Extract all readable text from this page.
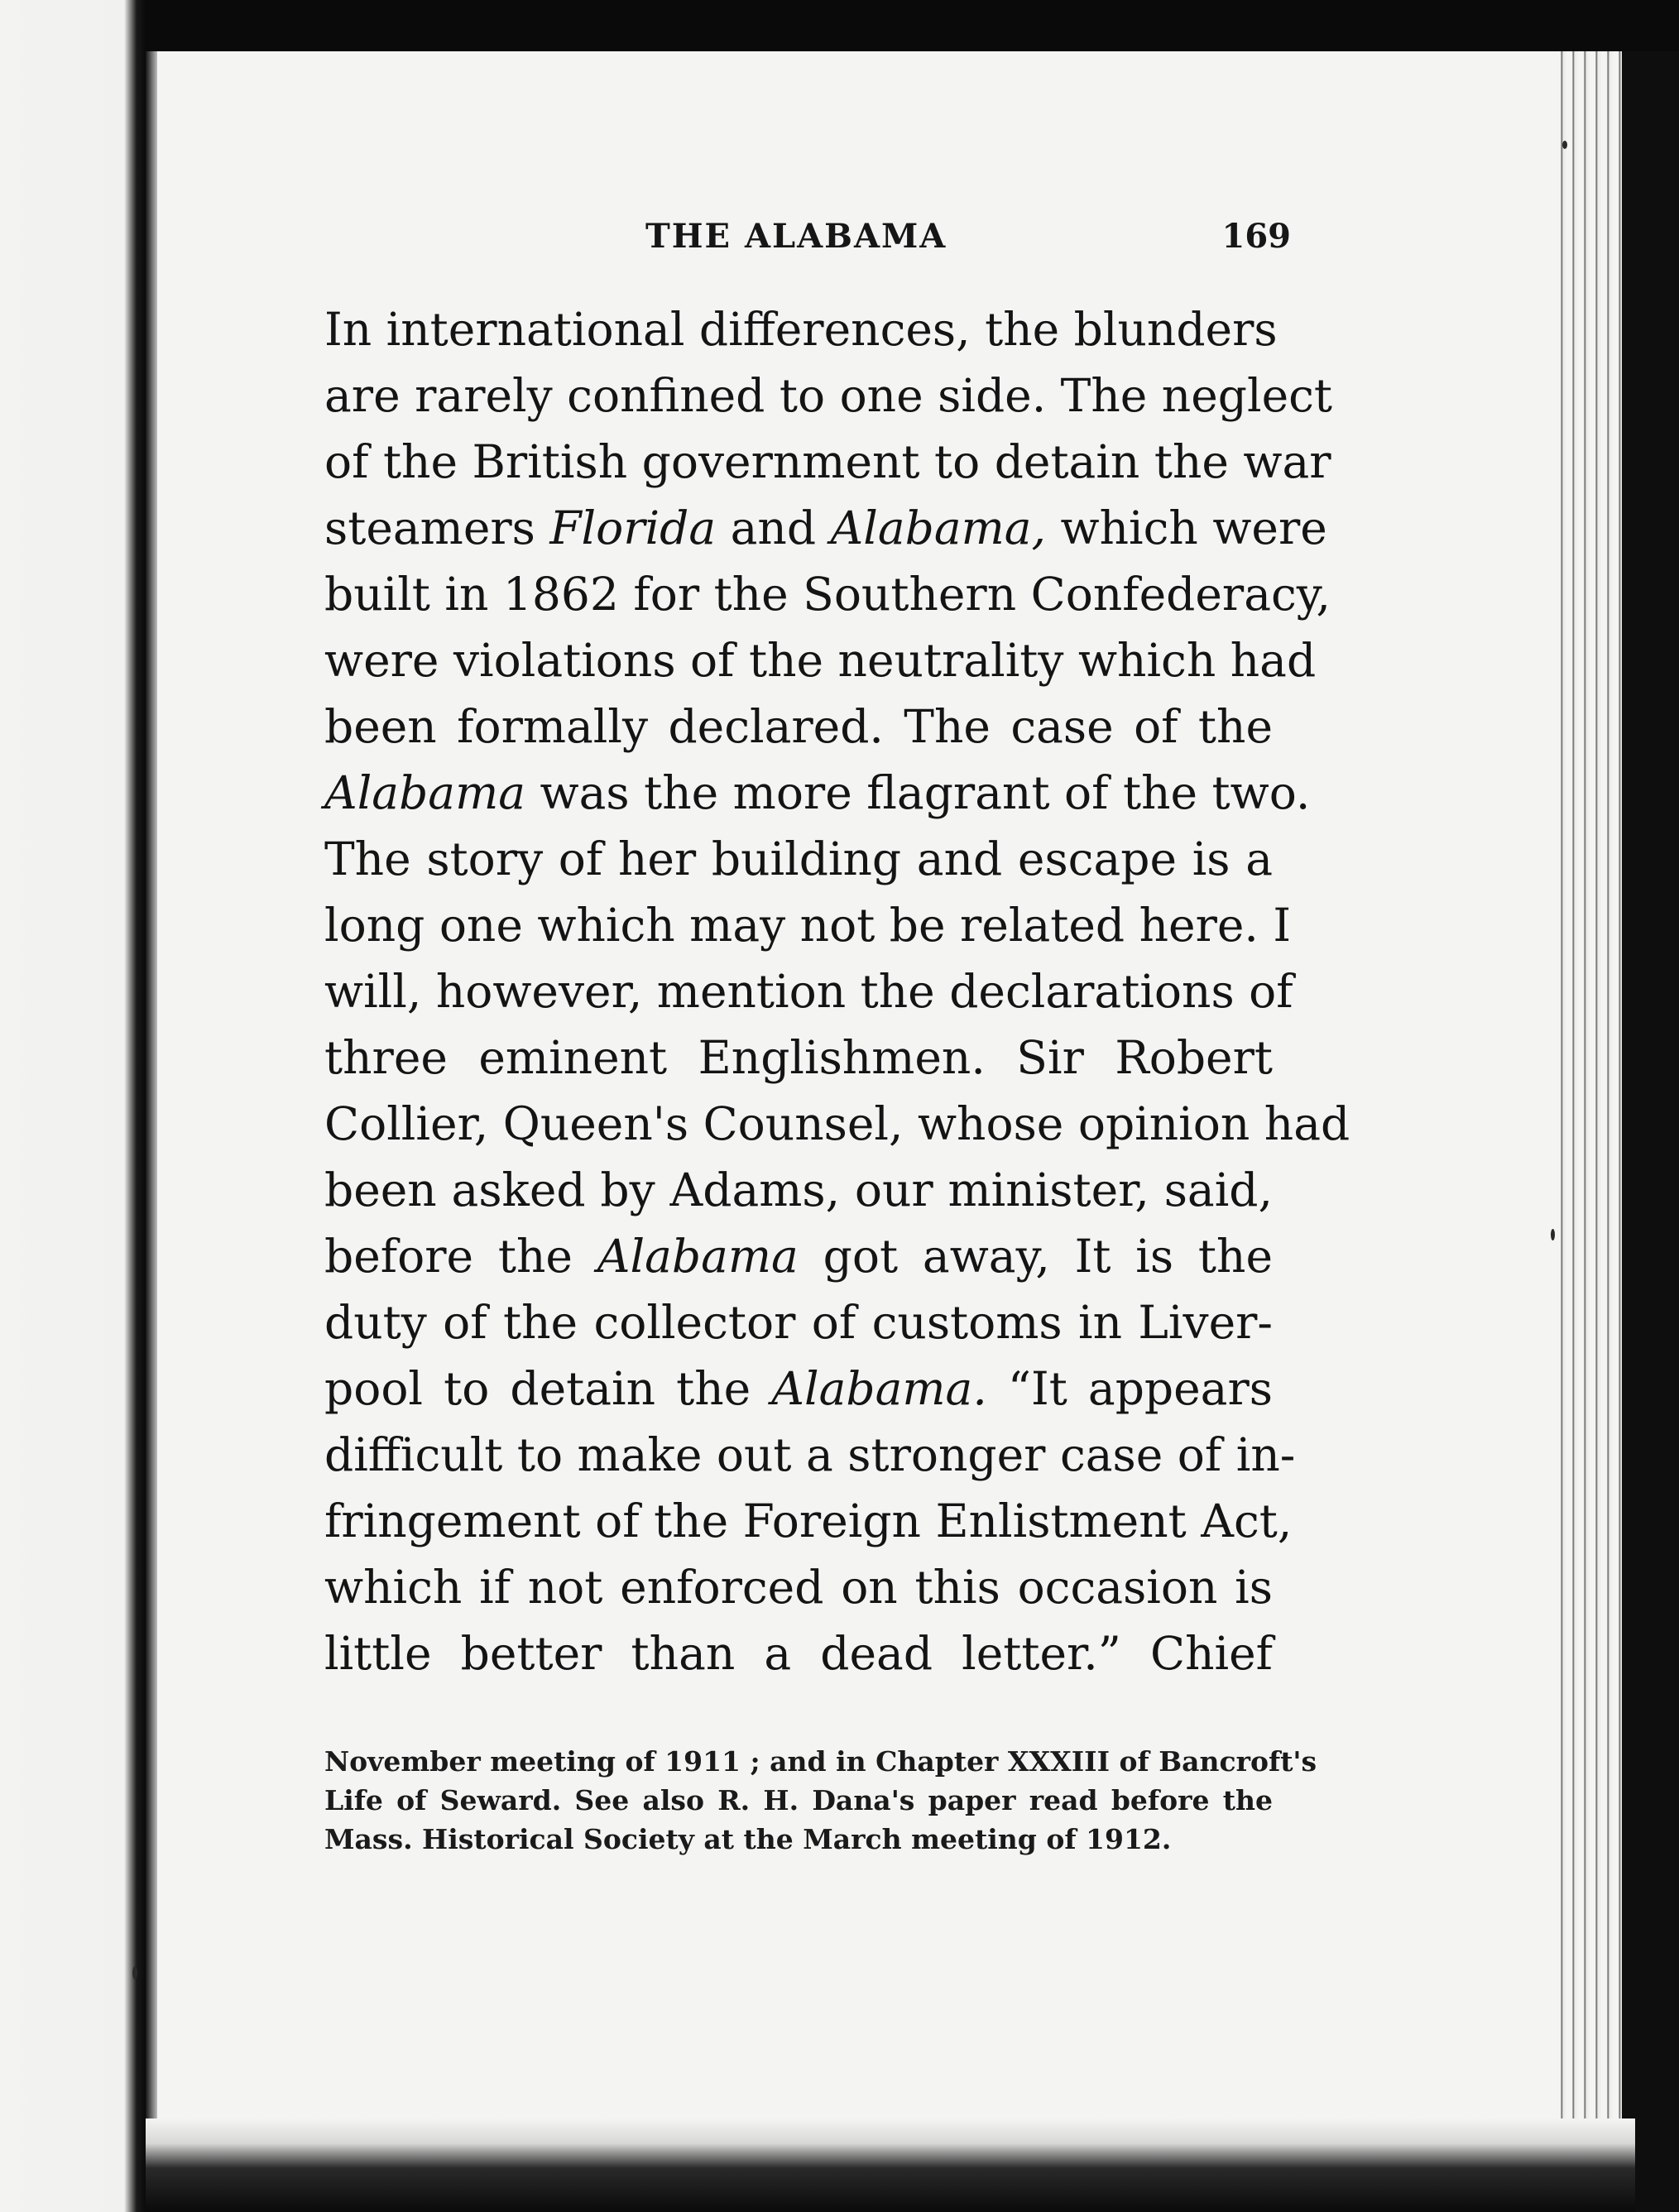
THE ALABAMA	169
In international differences, the blunders
are rarely confined to one side. The neglect
of the British government to detain the war
steamers Florida and Alabama, which were
built in 1862 for the Southern Confederacy,
were violations of the neutrality which had
been formally declared. The case of the
Alabama was the more flagrant of the two.
The story of her building and escape is a
long one which may not be related here. I
will, however, mention the declarations of
three eminent Englishmen. Sir Robert
Collier, Queen's Counsel, whose opinion had
been asked by Adams, our minister, said,
before the Alabama got away, It is the
duty of the collector of customs in Liver-
pool to detain the Alabama. “It appears
difficult to make out a stronger case of in-
fringement of the Foreign Enlistment Act,
which if not enforced on this occasion is
little better than a dead letter.” Chief
November meeting of 1911 ; and in Chapter XXXIII of Bancroft's
Life of Seward. See also R. H. Dana's paper read before the
Mass. Historical Society at the March meeting of 1912.
